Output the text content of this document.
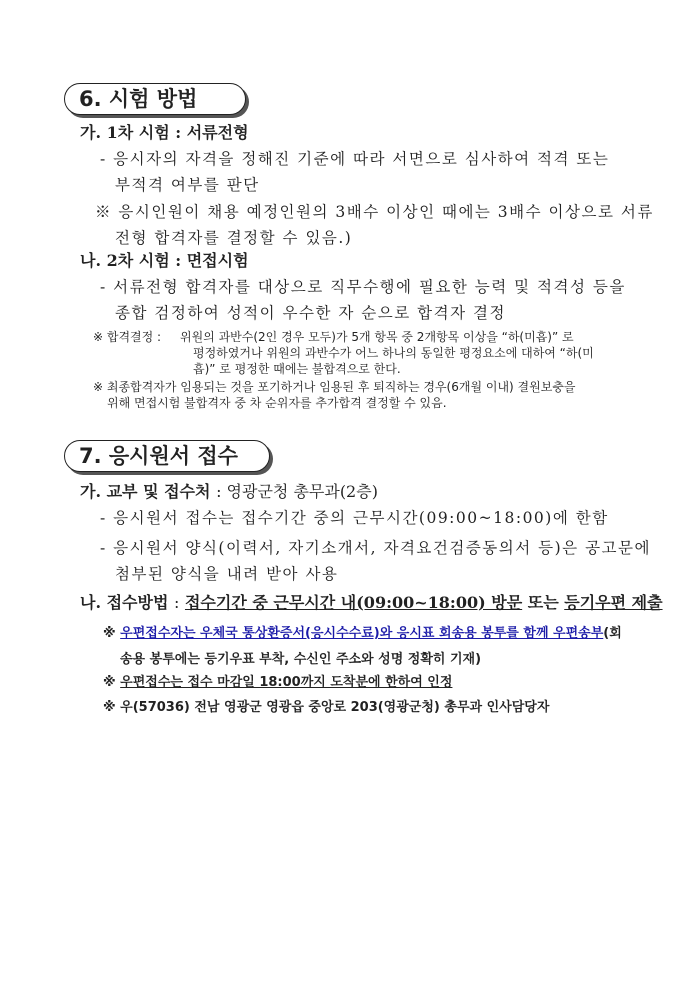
6. 시험 방법
가. 1차 시험 : 서류전형
- 응시자의 자격을 정해진 기준에 따라 서면으로 심사하여 적격 또는
부적격 여부를 판단
※ 응시인원이 채용 예정인원의 3배수 이상인 때에는 3배수 이상으로 서류
전형 합격자를 결정할 수 있음.)
나. 2차 시험 : 면접시험
- 서류전형 합격자를 대상으로 직무수행에 필요한 능력 및 적격성 등을
종합 검정하여 성적이 우수한 자 순으로 합격자 결정
※ 합격결정 : 위원의 과반수(2인 경우 모두)가 5개 항목 중 2개항목 이상을 “하(미흡)” 로
평정하였거나 위원의 과반수가 어느 하나의 동일한 평정요소에 대하여 “하(미
흡)” 로 평정한 때에는 불합격으로 한다.
※ 최종합격자가 임용되는 것을 포기하거나 임용된 후 퇴직하는 경우(6개월 이내) 결원보충을
위해 면접시험 불합격자 중 차 순위자를 추가합격 결정할 수 있음.
7. 응시원서 접수
가. 교부 및 접수처 : 영광군청 총무과(2층)
- 응시원서 접수는 접수기간 중의 근무시간(09:00~18:00)에 한함
- 응시원서 양식(이력서, 자기소개서, 자격요건검증동의서 등)은 공고문에
첨부된 양식을 내려 받아 사용
나. 접수방법 : 접수기간 중 근무시간 내(09:00~18:00) 방문 또는 등기우편 제출
※ 우편접수자는 우체국 통상환증서(응시수수료)와 응시표 회송용 봉투를 함께 우편송부(회
송용 봉투에는 등기우표 부착, 수신인 주소와 성명 정확히 기재)
※ 우편접수는 접수 마감일 18:00까지 도착분에 한하여 인정
※ 우(57036) 전남 영광군 영광읍 중앙로 203(영광군청) 총무과 인사담당자
